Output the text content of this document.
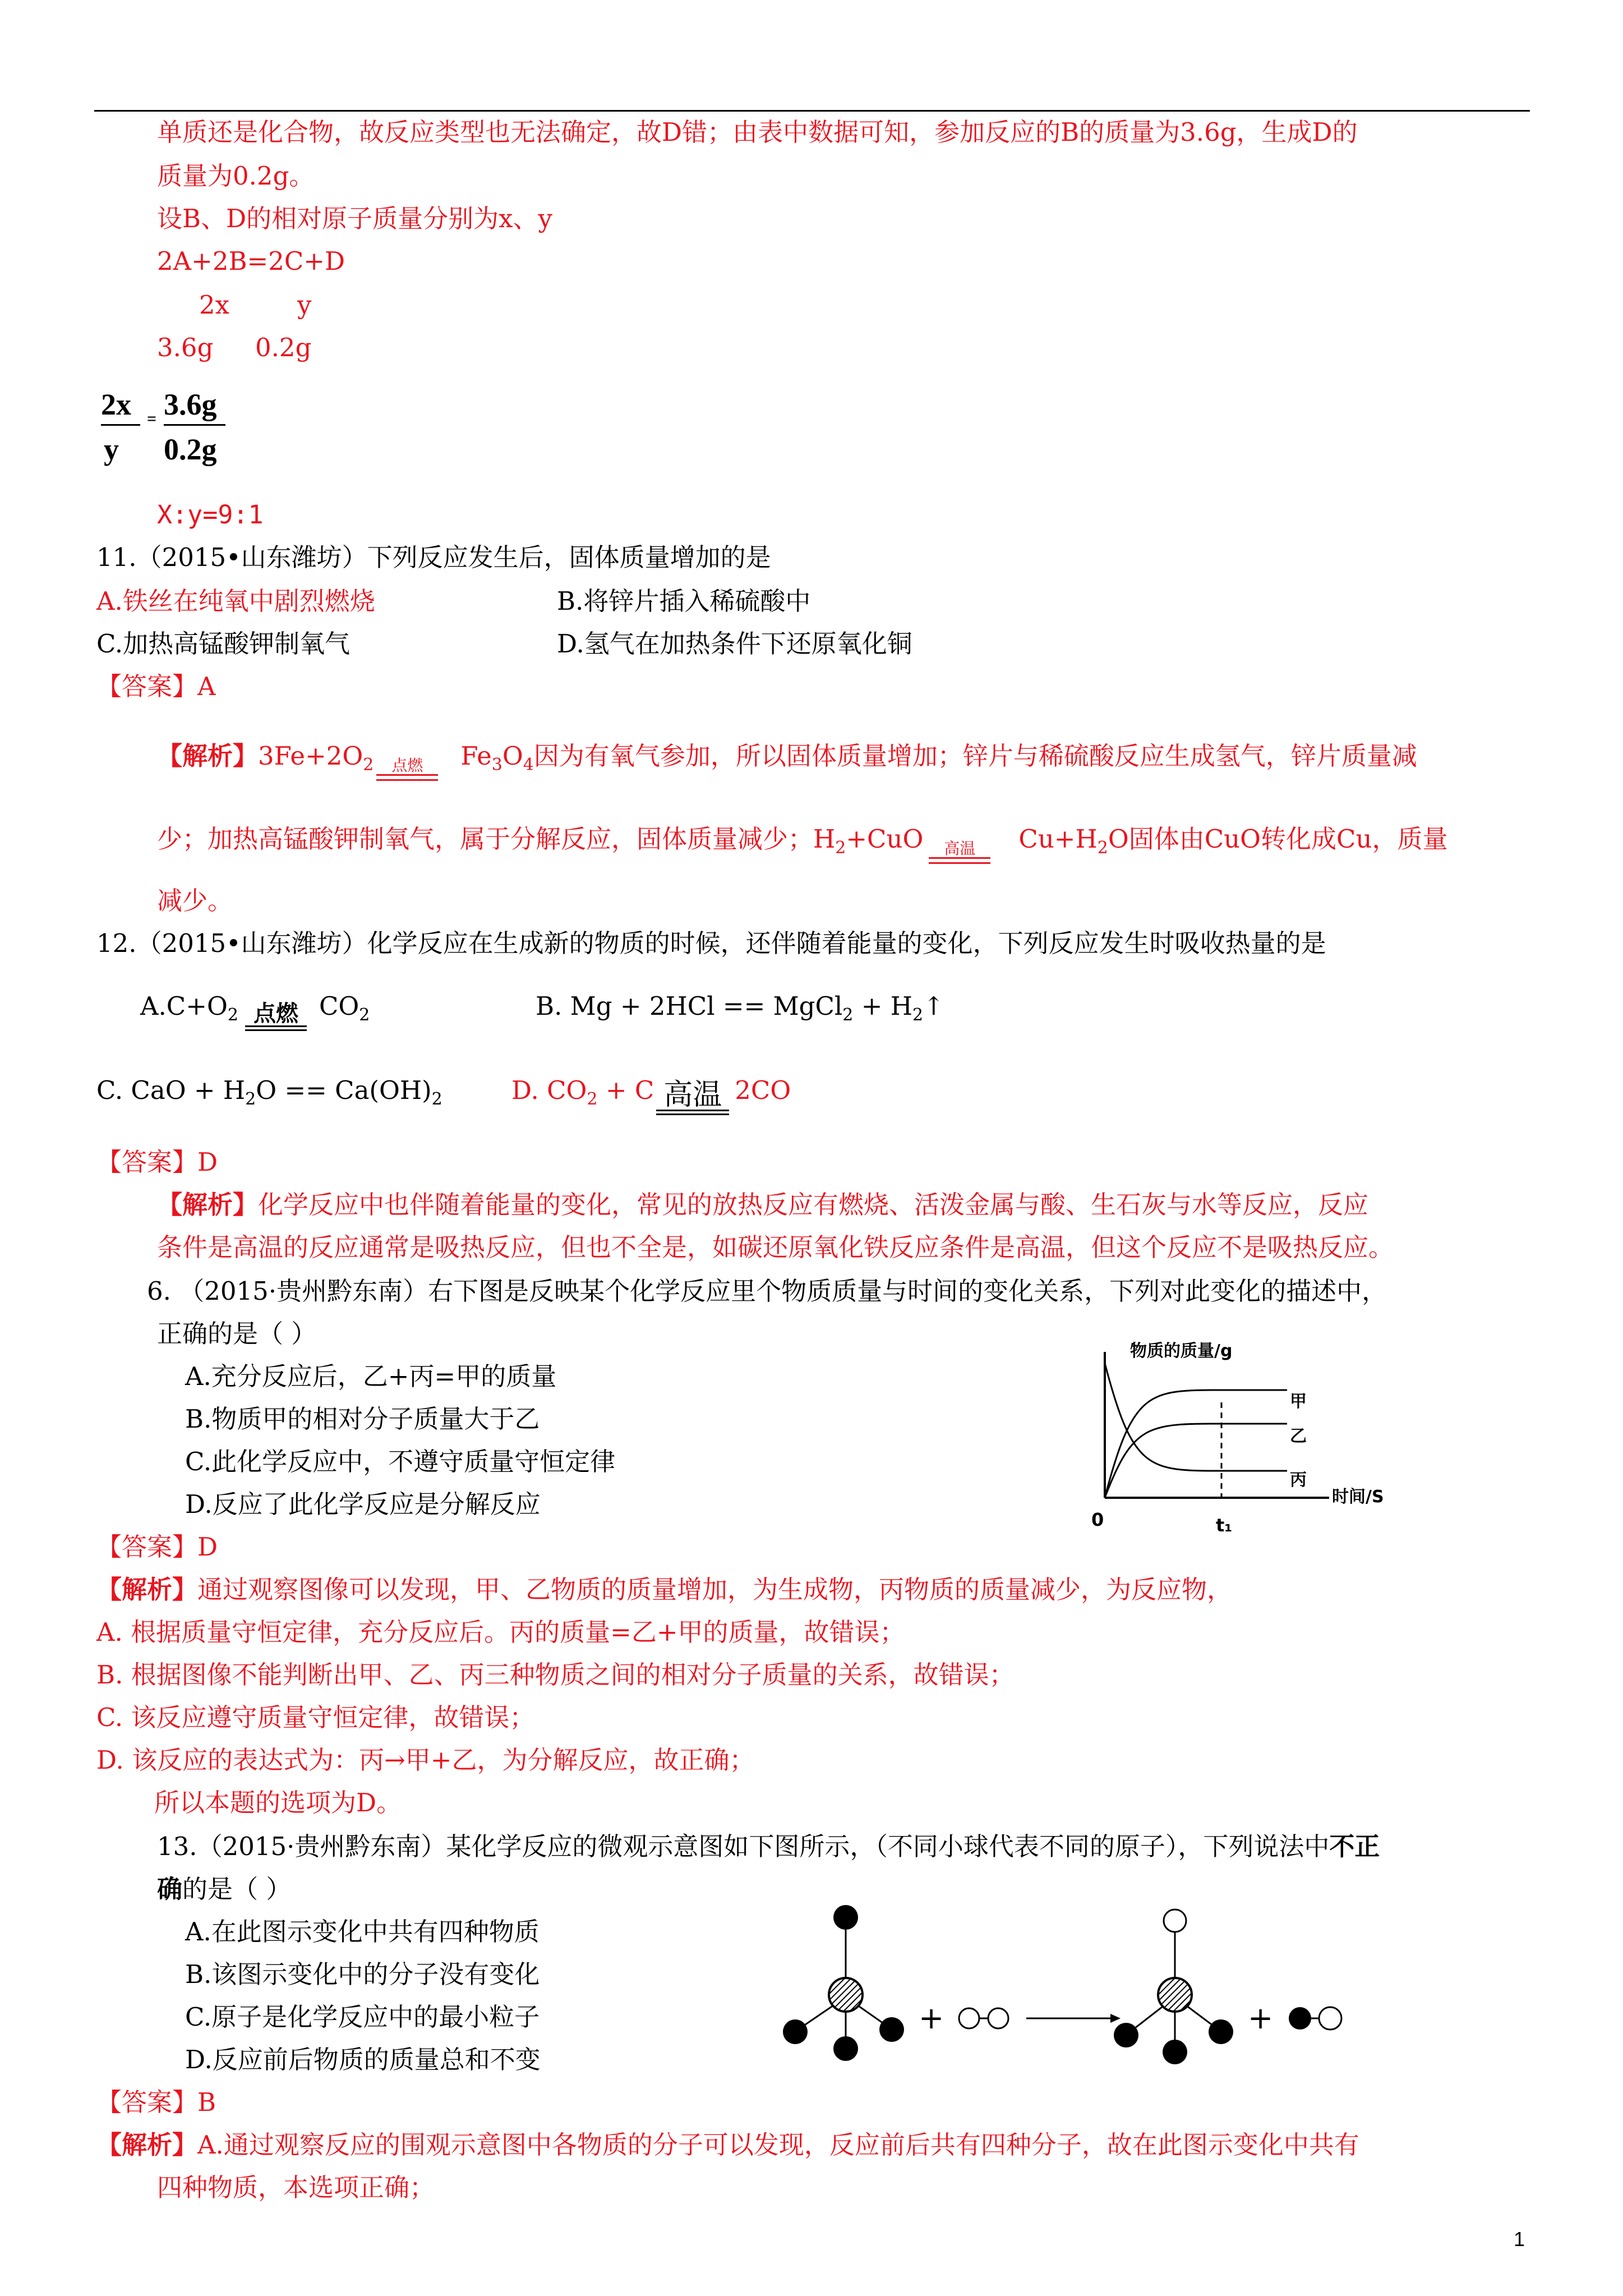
单质还是化合物，故反应类型也无法确定，故D错；由表中数据可知，参加反应的B的质量为3.6g，生成D的
质量为0.2g。
设B、D的相对原子质量分别为x、y
2A+2B=2C+D
2x	y
3.6g 0.2g
2x
y
= 3.6g
0.2g
X:y=9:1
11.（2015•山东潍坊）下列反应发生后，固体质量增加的是
A.铁丝在纯氧中剧烈燃烧	B.将锌片插入稀硫酸中
C.加热高锰酸钾制氧气	D.氢气在加热条件下还原氧化铜
【答案】A
【解析】$3Fe+2O_2$	点燃	$Fe_3O_4$因为有氧气参加，所以固体质量增加；锌片与稀硫酸反应生成氢气，锌片质量减
少；加热高锰酸钾制氧气，属于分解反应，固体质量减少；$H_2+CuO$	高温	$Cu+H_2O$固体由CuO转化成Cu，质量
减少。
12.（2015•山东潍坊）化学反应在生成新的物质的时候，还伴随着能量的变化，下列反应发生时吸收热量的是
$A.C+O_2$ 点燃 $CO_2$	B. Mg + 2HCl == MgCl$_2$ + $H_2↑$
C. CaO + $H_2O == Ca(OH)_2$	D. $CO_2 + C$ 高温 2CO
【答案】D
【解析】化学反应中也伴随着能量的变化，常见的放热反应有燃烧、活泼金属与酸、生石灰与水等反应，反应
条件是高温的反应通常是吸热反应，但也不全是，如碳还原氧化铁反应条件是高温，但这个反应不是吸热反应。
6. （2015·贵州黔东南）右下图是反映某个化学反应里个物质质量与时间的变化关系，下列对此变化的描述中，
正确的是（ ）
A.充分反应后，乙+丙=甲的质量
B.物质甲的相对分子质量大于乙
C.此化学反应中，不遵守质量守恒定律
D.反应了此化学反应是分解反应
物质的质量/g
0	t₁
时间/S
甲
乙
丙
【答案】D
【解析】通过观察图像可以发现，甲、乙物质的质量增加，为生成物，丙物质的质量减少，为反应物，
A. 根据质量守恒定律，充分反应后。丙的质量=乙+甲的质量，故错误；
B. 根据图像不能判断出甲、乙、丙三种物质之间的相对分子质量的关系，故错误；
C. 该反应遵守质量守恒定律，故错误；
D. 该反应的表达式为：丙→甲+乙，为分解反应，故正确；
所以本题的选项为D。
13.（2015·贵州黔东南）某化学反应的微观示意图如下图所示，（不同小球代表不同的原子），下列说法中不正
确的是（ ）
A.在此图示变化中共有四种物质
B.该图示变化中的分子没有变化
C.原子是化学反应中的最小粒子
D.反应前后物质的质量总和不变
+	+
【答案】B
【解析】A.通过观察反应的围观示意图中各物质的分子可以发现，反应前后共有四种分子，故在此图示变化中共有
四种物质，本选项正确；
1
